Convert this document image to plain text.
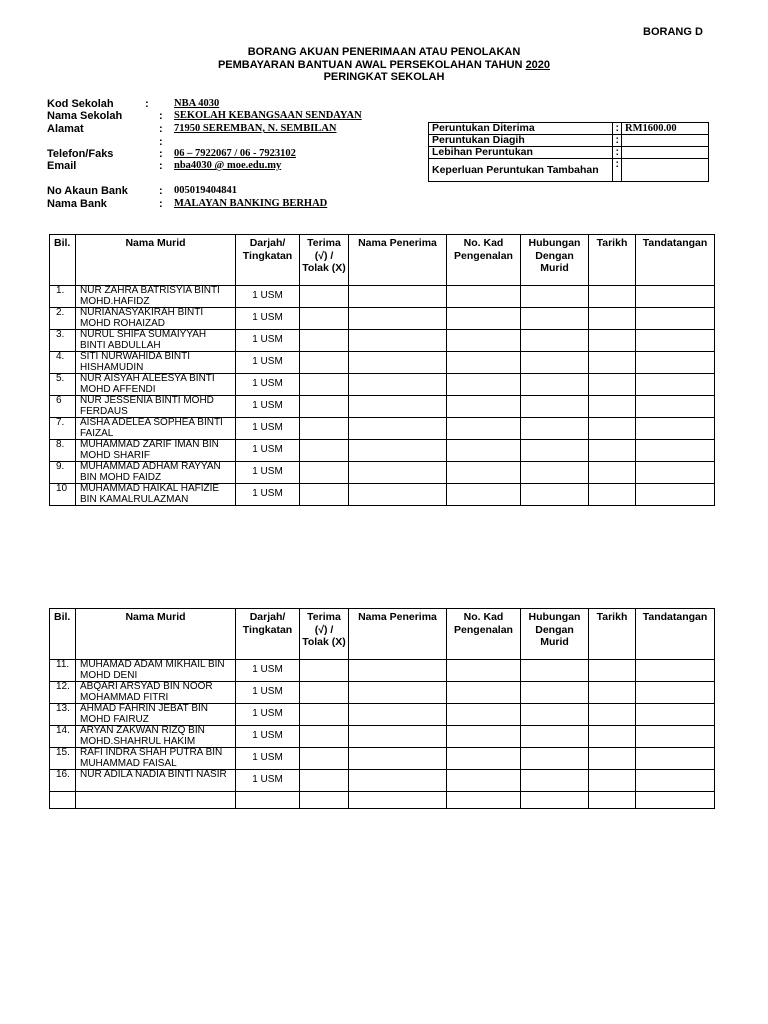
BORANG D
BORANG AKUAN PENERIMAAN ATAU PENOLAKAN
PEMBAYARAN BANTUAN AWAL PERSEKOLAHAN TAHUN 2020
PERINGKAT SEKOLAH
Kod Sekolah	: NBA 4030
Nama Sekolah	: SEKOLAH KEBANGSAAN SENDAYAN
Alamat	: 71950 SEREMBAN, N. SEMBILAN
:
Telefon/Faks	: 06 – 7922067 / 06 - 7923102
Email	: nba4030 @ moe.edu.my
No Akaun Bank	: 005019404841
Nama Bank	: MALAYAN BANKING BERHAD
Peruntukan Diterima	:	RM1600.00
Peruntukan Diagih	:	
Lebihan Peruntukan	:	
Keperluan Peruntukan Tambahan	:	
Bil.	Nama Murid	Darjah/ Tingkatan	Terima (√) / Tolak (X)	Nama Penerima	No. Kad Pengenalan	Hubungan Dengan Murid	Tarikh	Tandatangan
1.	NUR ZAHRA BATRISYIA BINTI MOHD.HAFIDZ	1 USM						
2.	NURIANASYAKIRAH BINTI MOHD ROHAIZAD	1 USM						
3.	NURUL SHIFA SUMAIYYAH BINTI ABDULLAH	1 USM						
4.	SITI NURWAHIDA BINTI HISHAMUDIN	1 USM						
5.	NUR AISYAH ALEESYA BINTI MOHD AFFENDI	1 USM						
6	NUR JESSENIA BINTI MOHD FERDAUS	1 USM						
7.	AISHA ADELEA SOPHEA BINTI FAIZAL	1 USM						
8.	MUHAMMAD ZARIF IMAN BIN MOHD SHARIF	1 USM						
9.	MUHAMMAD ADHAM RAYYAN BIN MOHD FAIDZ	1 USM						
10	MUHAMMAD HAIKAL HAFIZIE BIN KAMALRULAZMAN	1 USM						
Bil.	Nama Murid	Darjah/ Tingkatan	Terima (√) / Tolak (X)	Nama Penerima	No. Kad Pengenalan	Hubungan Dengan Murid	Tarikh	Tandatangan
11.	MUHAMAD ADAM MIKHAIL BIN MOHD DENI	1 USM						
12.	ABQARI ARSYAD BIN NOOR MOHAMMAD FITRI	1 USM						
13.	AHMAD FAHRIN JEBAT BIN MOHD FAIRUZ	1 USM						
14.	ARYAN ZAKWAN RIZQ BIN MOHD.SHAHRUL HAKIM	1 USM						
15.	RAFI INDRA SHAH PUTRA BIN MUHAMMAD FAISAL	1 USM						
16.	NUR ADILA NADIA BINTI NASIR	1 USM						
